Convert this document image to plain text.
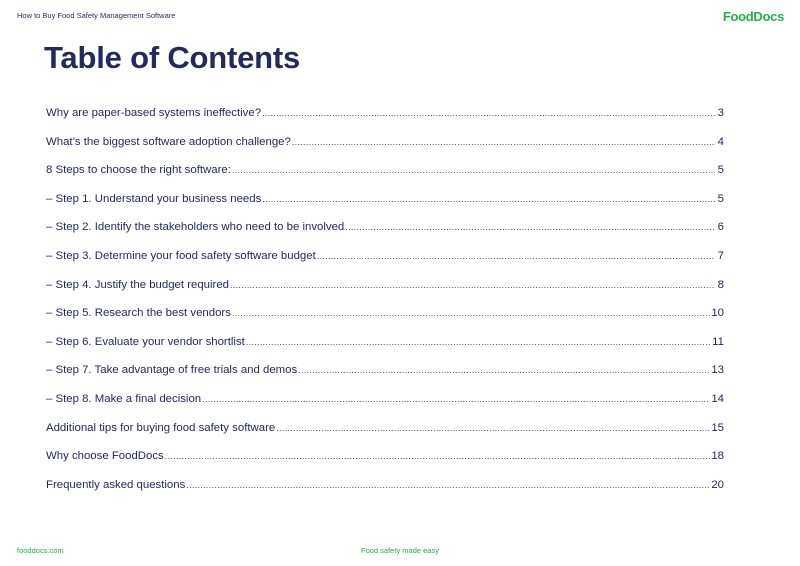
How to Buy Food Safety Management Software	Food Docs
Table of Contents
Why are paper-based systems ineffective? .....	3
What’s the biggest software adoption challenge? .....	4
8 Steps to choose the right software: .....	5
– Step 1. Understand your business needs .....	5
– Step 2. Identify the stakeholders who need to be involved .....	6
– Step 3. Determine your food safety software budget .....	7
– Step 4. Justify the budget required .....	8
– Step 5. Research the best vendors .....	10
– Step 6. Evaluate your vendor shortlist .....	11
– Step 7. Take advantage of free trials and demos .....	13
– Step 8. Make a final decision .....	14
Additional tips for buying food safety software .....	15
Why choose FoodDocs .....	18
Frequently asked questions .....	20
fooddocs.com	Food safety made easy
